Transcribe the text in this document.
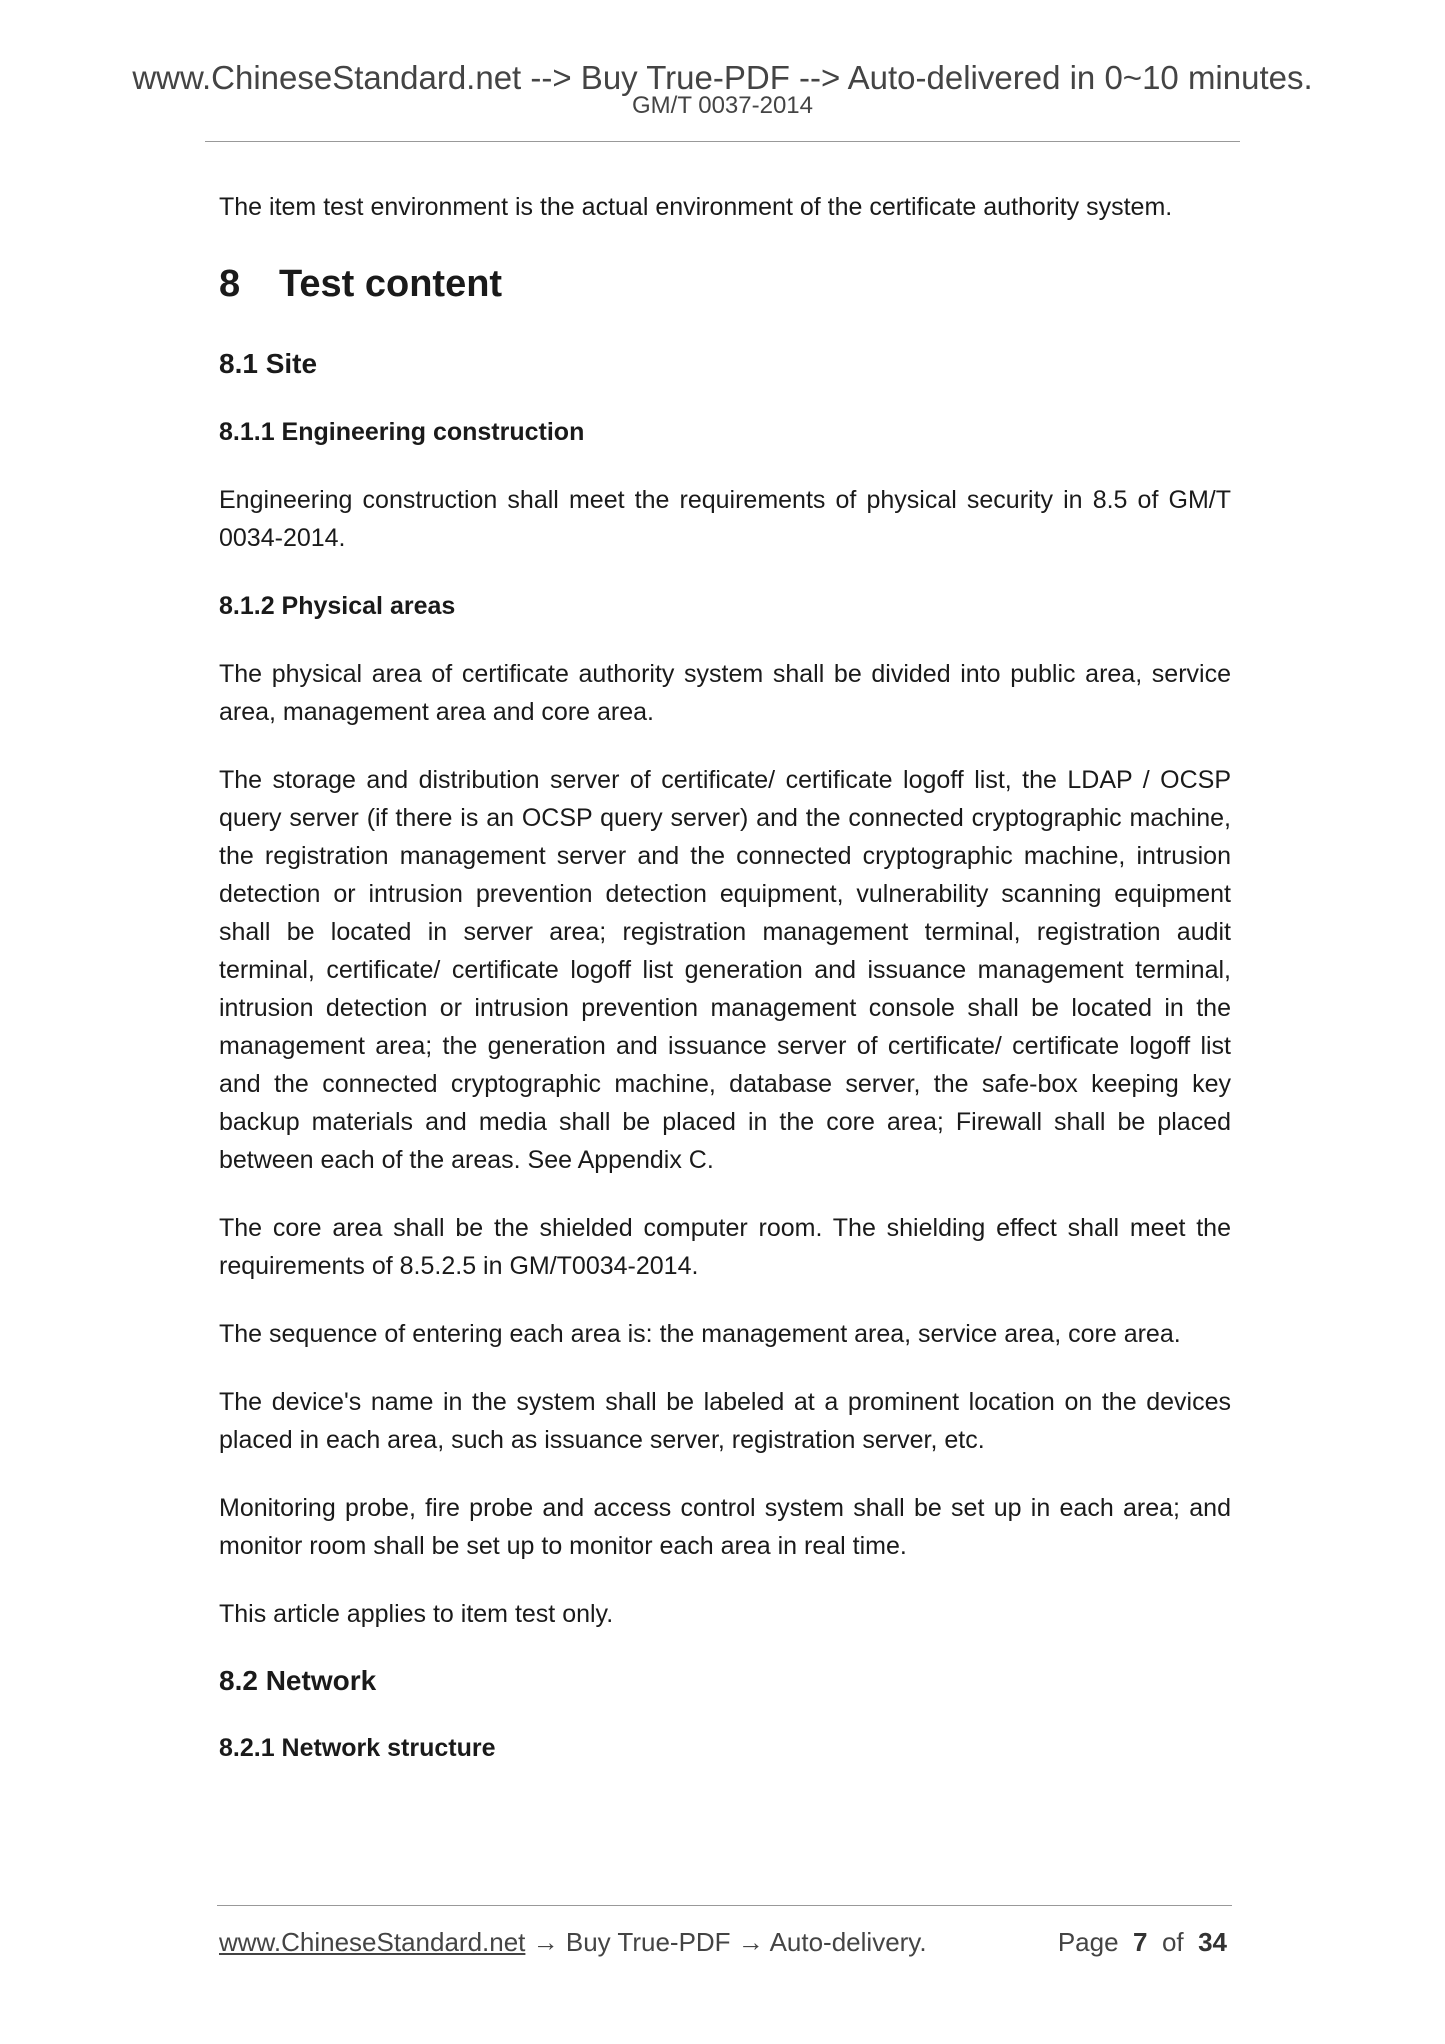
www.ChineseStandard.net --> Buy True-PDF --> Auto-delivered in 0~10 minutes.
GM/T 0037-2014

The item test environment is the actual environment of the certificate authority system.

8 Test content
8.1 Site
8.1.1 Engineering construction

Engineering construction shall meet the requirements of physical security in 8.5 of GM/T 0034-2014.

8.1.2 Physical areas

The physical area of certificate authority system shall be divided into public area, service area, management area and core area.

The storage and distribution server of certificate/ certificate logoff list, the LDAP / OCSP query server (if there is an OCSP query server) and the connected cryptographic machine, the registration management server and the connected cryptographic machine, intrusion detection or intrusion prevention detection equipment, vulnerability scanning equipment shall be located in server area; registration management terminal, registration audit terminal, certificate/ certificate logoff list generation and issuance management terminal, intrusion detection or intrusion prevention management console shall be located in the management area; the generation and issuance server of certificate/ certificate logoff list and the connected cryptographic machine, database server, the safe-box keeping key backup materials and media shall be placed in the core area; Firewall shall be placed between each of the areas. See Appendix C.

The core area shall be the shielded computer room. The shielding effect shall meet the requirements of 8.5.2.5 in GM/T0034-2014.

The sequence of entering each area is: the management area, service area, core area.

The device's name in the system shall be labeled at a prominent location on the devices placed in each area, such as issuance server, registration server, etc.

Monitoring probe, fire probe and access control system shall be set up in each area; and monitor room shall be set up to monitor each area in real time.

This article applies to item test only.

8.2 Network
8.2.1 Network structure
www.ChineseStandard.net → Buy True-PDF → Auto-delivery.	Page 7 of 34
